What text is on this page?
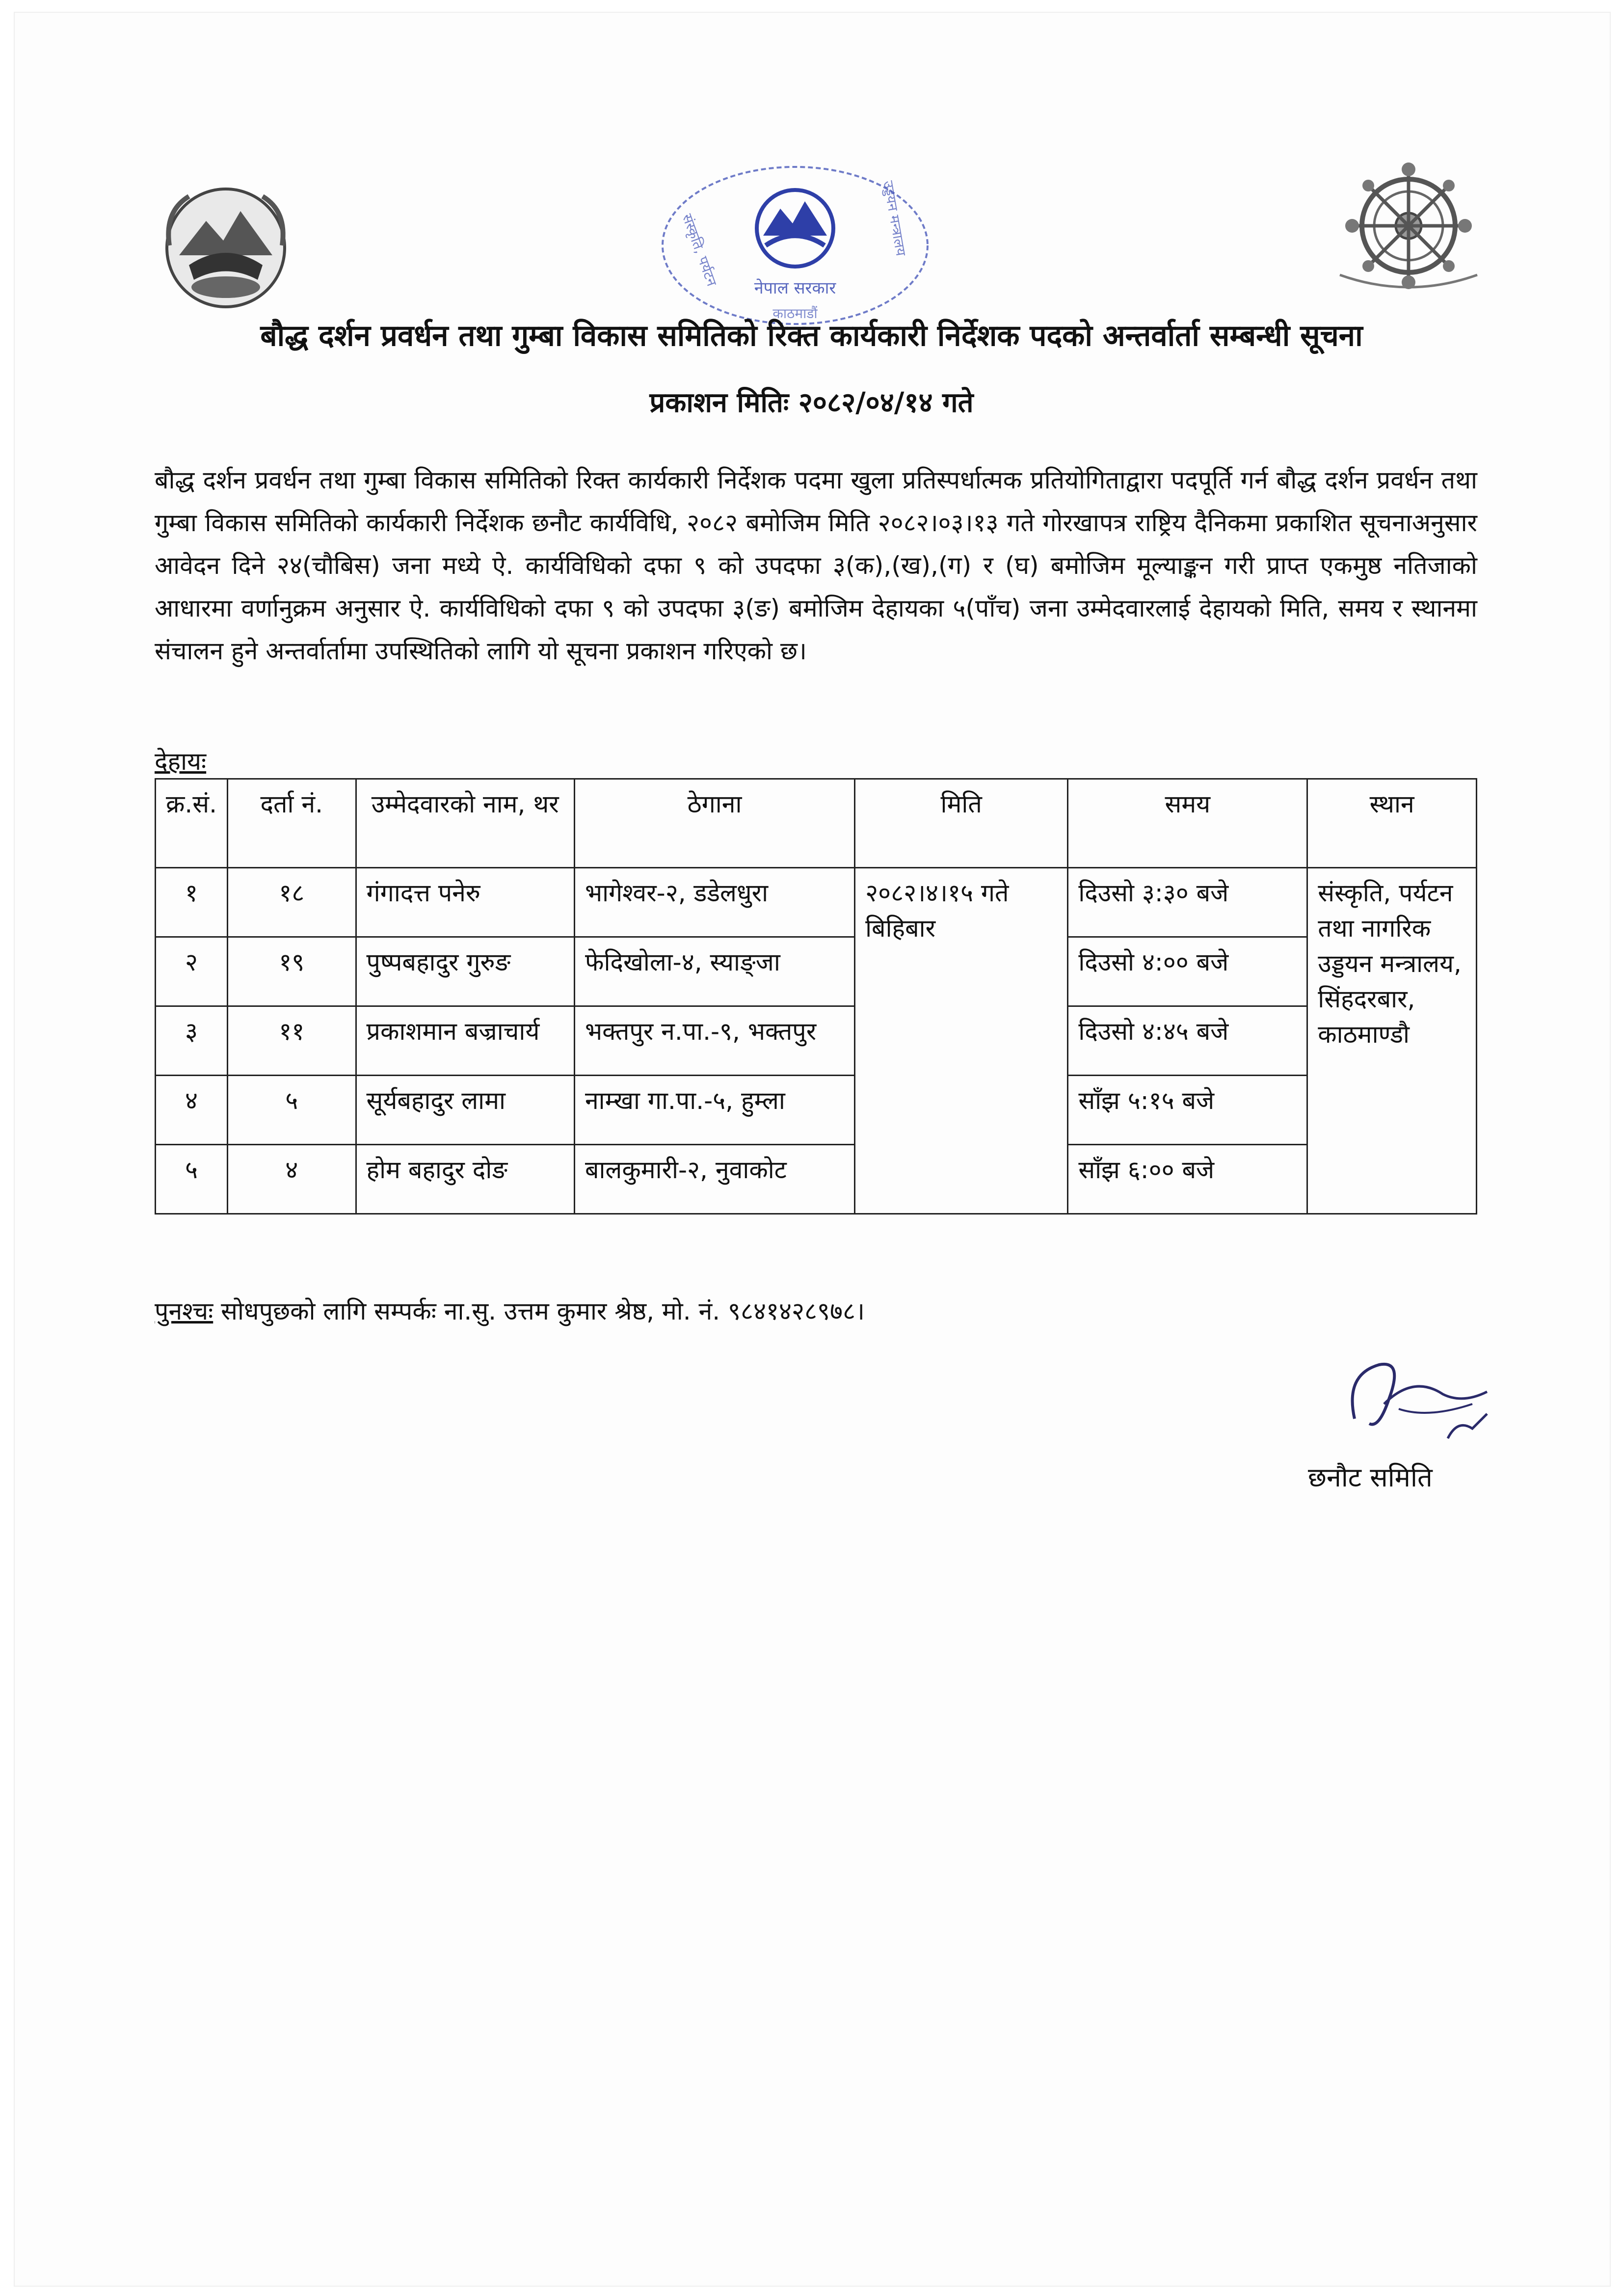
नेपाल सरकार
संस्कृति, पर्यटन	उड्डयन मन्त्रालय
काठमाडौं
बौद्ध दर्शन प्रवर्धन तथा गुम्बा विकास समितिको रिक्त कार्यकारी निर्देशक पदको अन्तर्वार्ता सम्बन्धी सूचना
प्रकाशन मितिः २०८२/०४/१४ गते
बौद्ध दर्शन प्रवर्धन तथा गुम्बा विकास समितिको रिक्त कार्यकारी निर्देशक पदमा खुला प्रतिस्पर्धात्मक प्रतियोगिताद्वारा पदपूर्ति गर्न बौद्ध दर्शन प्रवर्धन तथा गुम्बा विकास समितिको कार्यकारी निर्देशक छनौट कार्यविधि, २०८२ बमोजिम मिति २०८२।०३।१३ गते गोरखापत्र राष्ट्रिय दैनिकमा प्रकाशित सूचनाअनुसार आवेदन दिने २४(चौबिस) जना मध्ये ऐ. कार्यविधिको दफा ९ को उपदफा ३(क),(ख),(ग) र (घ) बमोजिम मूल्याङ्कन गरी प्राप्त एकमुष्ठ नतिजाको आधारमा वर्णानुक्रम अनुसार ऐ. कार्यविधिको दफा ९ को उपदफा ३(ङ) बमोजिम देहायका ५(पाँच) जना उम्मेदवारलाई देहायको मिति, समय र स्थानमा संचालन हुने अन्तर्वार्तामा उपस्थितिको लागि यो सूचना प्रकाशन गरिएको छ।
देहायः
क्र.सं.	दर्ता नं.	उम्मेदवारको नाम, थर	ठेगाना	मिति	समय	स्थान
१	१८	गंगादत्त पनेरु	भागेश्वर-२, डडेलधुरा	२०८२।४।१५ गते बिहिबार	दिउसो ३:३० बजे	संस्कृति, पर्यटन तथा नागरिक उड्डयन मन्त्रालय, सिंहदरबार, काठमाण्डौ
२	१९	पुष्पबहादुर गुरुङ	फेदिखोला-४, स्याङ्जा		दिउसो ४:०० बजे	
३	११	प्रकाशमान बज्राचार्य	भक्तपुर न.पा.-९, भक्तपुर		दिउसो ४:४५ बजे	
४	५	सूर्यबहादुर लामा	नाम्खा गा.पा.-५, हुम्ला		साँझ ५:१५ बजे	
५	४	होम बहादुर दोङ	बालकुमारी-२, नुवाकोट		साँझ ६:०० बजे	
पुनश्चः सोधपुछको लागि सम्पर्कः ना.सु. उत्तम कुमार श्रेष्ठ, मो. नं. ९८४१४२८९७८।
छनौट समिति
